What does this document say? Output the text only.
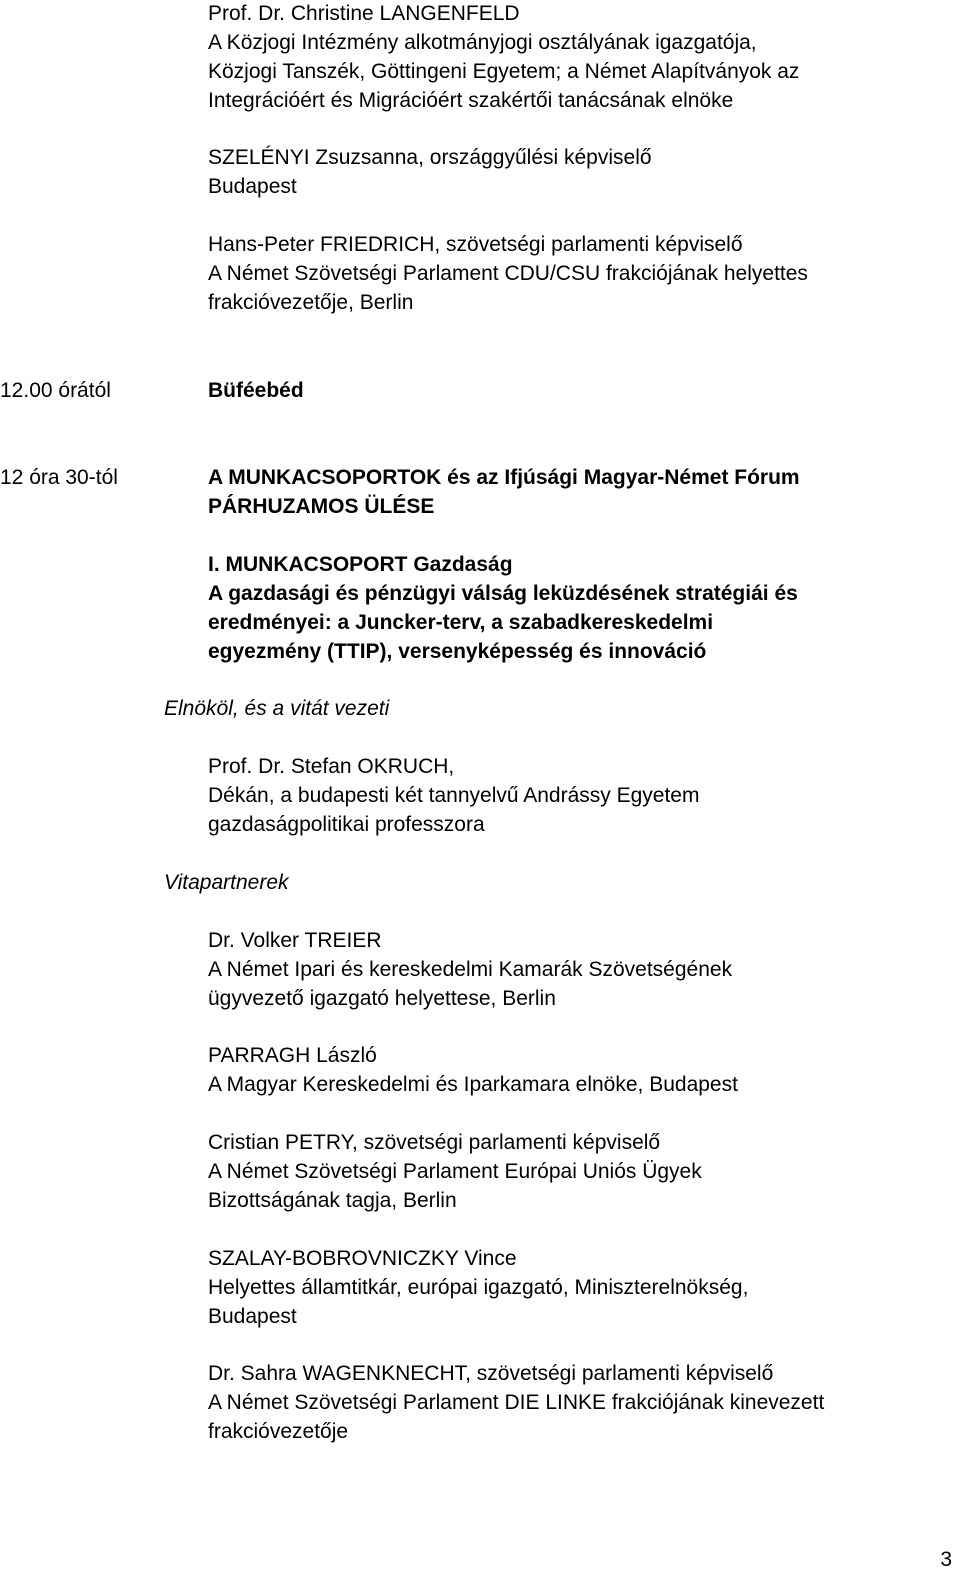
Prof. Dr. Christine LANGENFELD
A Közjogi Intézmény alkotmányjogi osztályának igazgatója,
Közjogi Tanszék, Göttingeni Egyetem; a Német Alapítványok az
Integrációért és Migrációért szakértői tanácsának elnöke
SZELÉNYI Zsuzsanna, országgyűlési képviselő
Budapest
Hans-Peter FRIEDRICH, szövetségi parlamenti képviselő
A Német Szövetségi Parlament CDU/CSU frakciójának helyettes
frakcióvezetője, Berlin
12.00 órától	Büféebéd
12 óra 30-tól	A MUNKACSOPORTOK és az Ifjúsági Magyar-Német Fórum
PÁRHUZAMOS ÜLÉSE
I. MUNKACSOPORT Gazdaság
A gazdasági és pénzügyi válság leküzdésének stratégiái és
eredményei: a Juncker-terv, a szabadkereskedelmi
egyezmény (TTIP), versenyképesség és innováció
Elnököl, és a vitát vezeti
Prof. Dr. Stefan OKRUCH,
Dékán, a budapesti két tannyelvű Andrássy Egyetem
gazdaságpolitikai professzora
Vitapartnerek
Dr. Volker TREIER
A Német Ipari és kereskedelmi Kamarák Szövetségének
ügyvezető igazgató helyettese, Berlin
PARRAGH László
A Magyar Kereskedelmi és Iparkamara elnöke, Budapest
Cristian PETRY, szövetségi parlamenti képviselő
A Német Szövetségi Parlament Európai Uniós Ügyek
Bizottságának tagja, Berlin
SZALAY-BOBROVNICZKY Vince
Helyettes államtitkár, európai igazgató, Miniszterelnökség,
Budapest
Dr. Sahra WAGENKNECHT, szövetségi parlamenti képviselő
A Német Szövetségi Parlament DIE LINKE frakciójának kinevezett
frakcióvezetője
3
